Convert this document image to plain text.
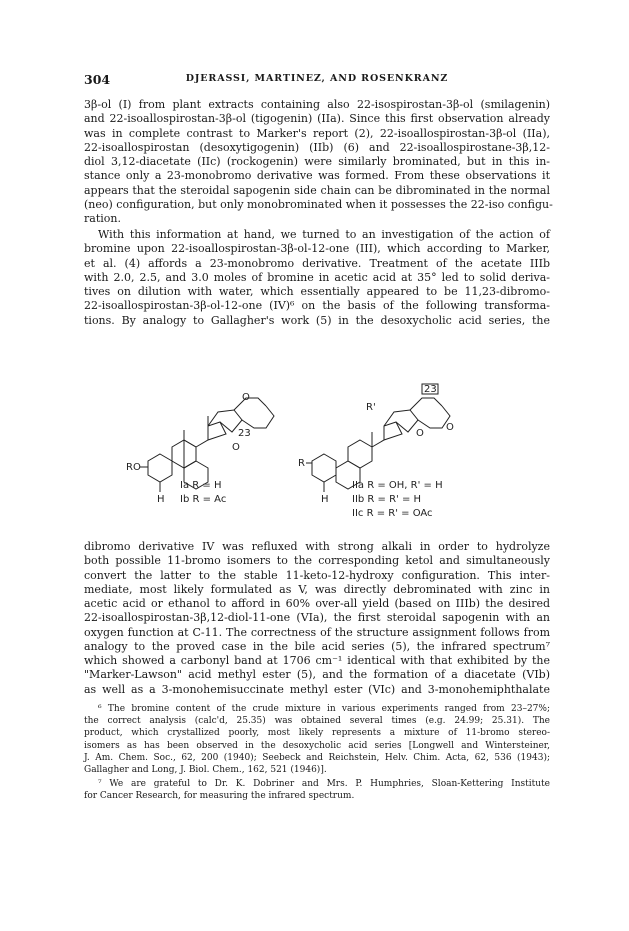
304	DJERASSI, MARTINEZ, AND ROSENKRANZ
3β-ol (I) from plant extracts containing also 22-isospirostan-3β-ol (smilagenin)
and 22-isoallospirostan-3β-ol (tigogenin) (IIa). Since this first observation already
was in complete contrast to Marker's report (2), 22-isoallospirostan-3β-ol (IIa),
22-isoallospirostan (desoxytigogenin) (IIb) (6) and 22-isoallospirostane-3β,12-
diol 3,12-diacetate (IIc) (rockogenin) were similarly brominated, but in this in-
stance only a 23-monobromo derivative was formed. From these observations it
appears that the steroidal sapogenin side chain can be dibrominated in the normal
(neo) configuration, but only monobrominated when it possesses the 22-iso configu-
ration.
With this information at hand, we turned to an investigation of the action of
bromine upon 22-isoallospirostan-3β-ol-12-one (III), which according to Marker,
et al. (4) affords a 23-monobromo derivative. Treatment of the acetate IIIb
with 2.0, 2.5, and 3.0 moles of bromine in acetic acid at 35° led to solid deriva-
tives on dilution with water, which essentially appeared to be 11,23-dibromo-
22-isoallospirostan-3β-ol-12-one (IV)⁶ on the basis of the following transforma-
tions. By analogy to Gallagher's work (5) in the desoxycholic acid series, the
23
O
O
RO
H
Ia R = H
Ib R = Ac
R'
23
O
O
R
H
IIa R = OH, R' = H
IIb R = R' = H
IIc R = R' = OAc
dibromo derivative IV was refluxed with strong alkali in order to hydrolyze
both possible 11-bromo isomers to the corresponding ketol and simultaneously
convert the latter to the stable 11-keto-12-hydroxy configuration. This inter-
mediate, most likely formulated as V, was directly debrominated with zinc in
acetic acid or ethanol to afford in 60% over-all yield (based on IIIb) the desired
22-isoallospirostan-3β,12-diol-11-one (VIa), the first steroidal sapogenin with an
oxygen function at C-11. The correctness of the structure assignment follows from
analogy to the proved case in the bile acid series (5), the infrared spectrum⁷
which showed a carbonyl band at 1706 cm⁻¹ identical with that exhibited by the
"Marker-Lawson" acid methyl ester (5), and the formation of a diacetate (VIb)
as well as a 3-monohemisuccinate methyl ester (VIc) and 3-monohemiphthalate
⁶ The bromine content of the crude mixture in various experiments ranged from 23–27%;
the correct analysis (calc'd, 25.35) was obtained several times (e.g. 24.99; 25.31). The
product, which crystallized poorly, most likely represents a mixture of 11-bromo stereo-
isomers as has been observed in the desoxycholic acid series [Longwell and Wintersteiner,
J. Am. Chem. Soc., 62, 200 (1940); Seebeck and Reichstein, Helv. Chim. Acta, 62, 536 (1943);
Gallagher and Long, J. Biol. Chem., 162, 521 (1946)].
⁷ We are grateful to Dr. K. Dobriner and Mrs. P. Humphries, Sloan-Kettering Institute
for Cancer Research, for measuring the infrared spectrum.
